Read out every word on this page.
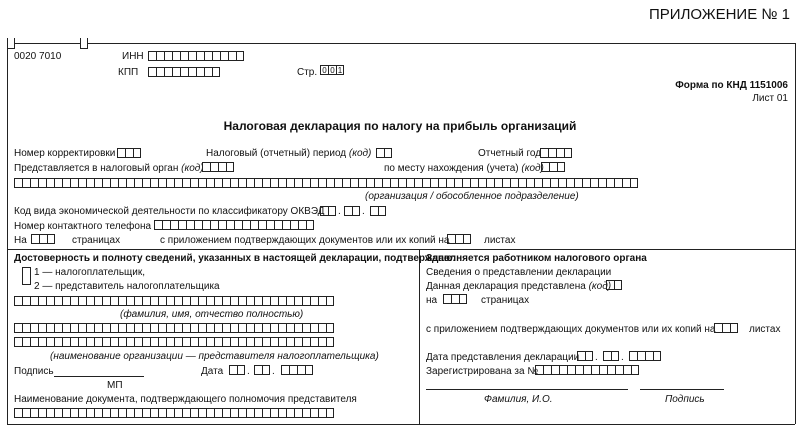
ПРИЛОЖЕНИЕ № 1
0020 7010	ИНН
КПП	Стр. 0 0 1
Форма по КНД 1151006
Лист 01
Налоговая декларация по налогу на прибыль организаций
Номер корректировки	Налоговый (отчетный) период (код)	Отчетный год
Представляется в налоговый орган (код)	по месту нахождения (учета) (код)
(организация / обособленное подразделение)
Код вида экономической деятельности по классификатору ОКВЭД . .
Номер контактного телефона
На	страницах	с приложением подтверждающих документов или их копий на	листах
Достоверность и полноту сведений, указанных в настоящей декларации, подтверждаю:
1 — налогоплательщик,
2 — представитель налогоплательщика
(фамилия, имя, отчество полностью)
(наименование организации — представителя налогоплательщика)
Подпись	Дата . .
МП
Наименование документа, подтверждающего полномочия представителя
Заполняется работником налогового органа
Сведения о представлении декларации
Данная декларация представлена (код)
на	страницах
с приложением подтверждающих документов или их копий на	листах
Дата представления декларации . .
Зарегистрирована за №
Фамилия, И.О.	Подпись
